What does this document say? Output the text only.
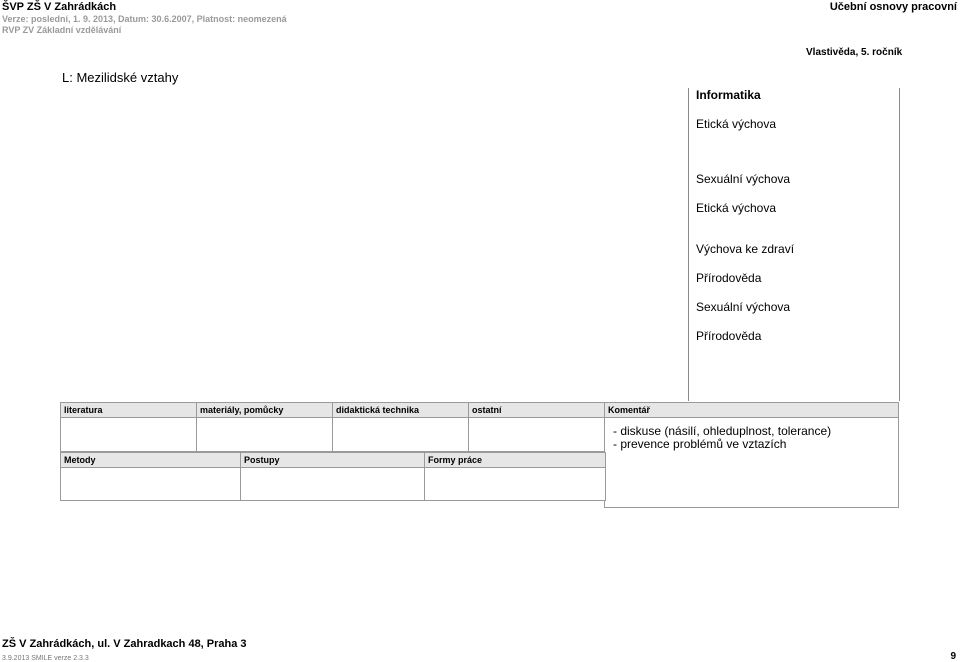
ŠVP ZŠ V Zahrádkách
Verze: poslední, 1. 9. 2013, Datum: 30.6.2007, Platnost: neomezená
RVP ZV Základní vzdělávání
Učební osnovy pracovní
Vlastivěda, 5. ročník
L: Mezilidské vztahy
Informatika
Etická výchova
Sexuální výchova
Etická výchova
Výchova ke zdraví
Přírodověda
Sexuální výchova
Přírodověda
literatura	materiály, pomůcky	didaktická technika	ostatní	Komentář
- diskuse (násilí, ohleduplnost, tolerance)
- prevence problémů ve vztazích
Metody	Postupy	Formy práce
ZŠ V Zahrádkách, ul. V Zahradkach 48, Praha 3
3.9.2013 SMILE verze 2.3.3	9
